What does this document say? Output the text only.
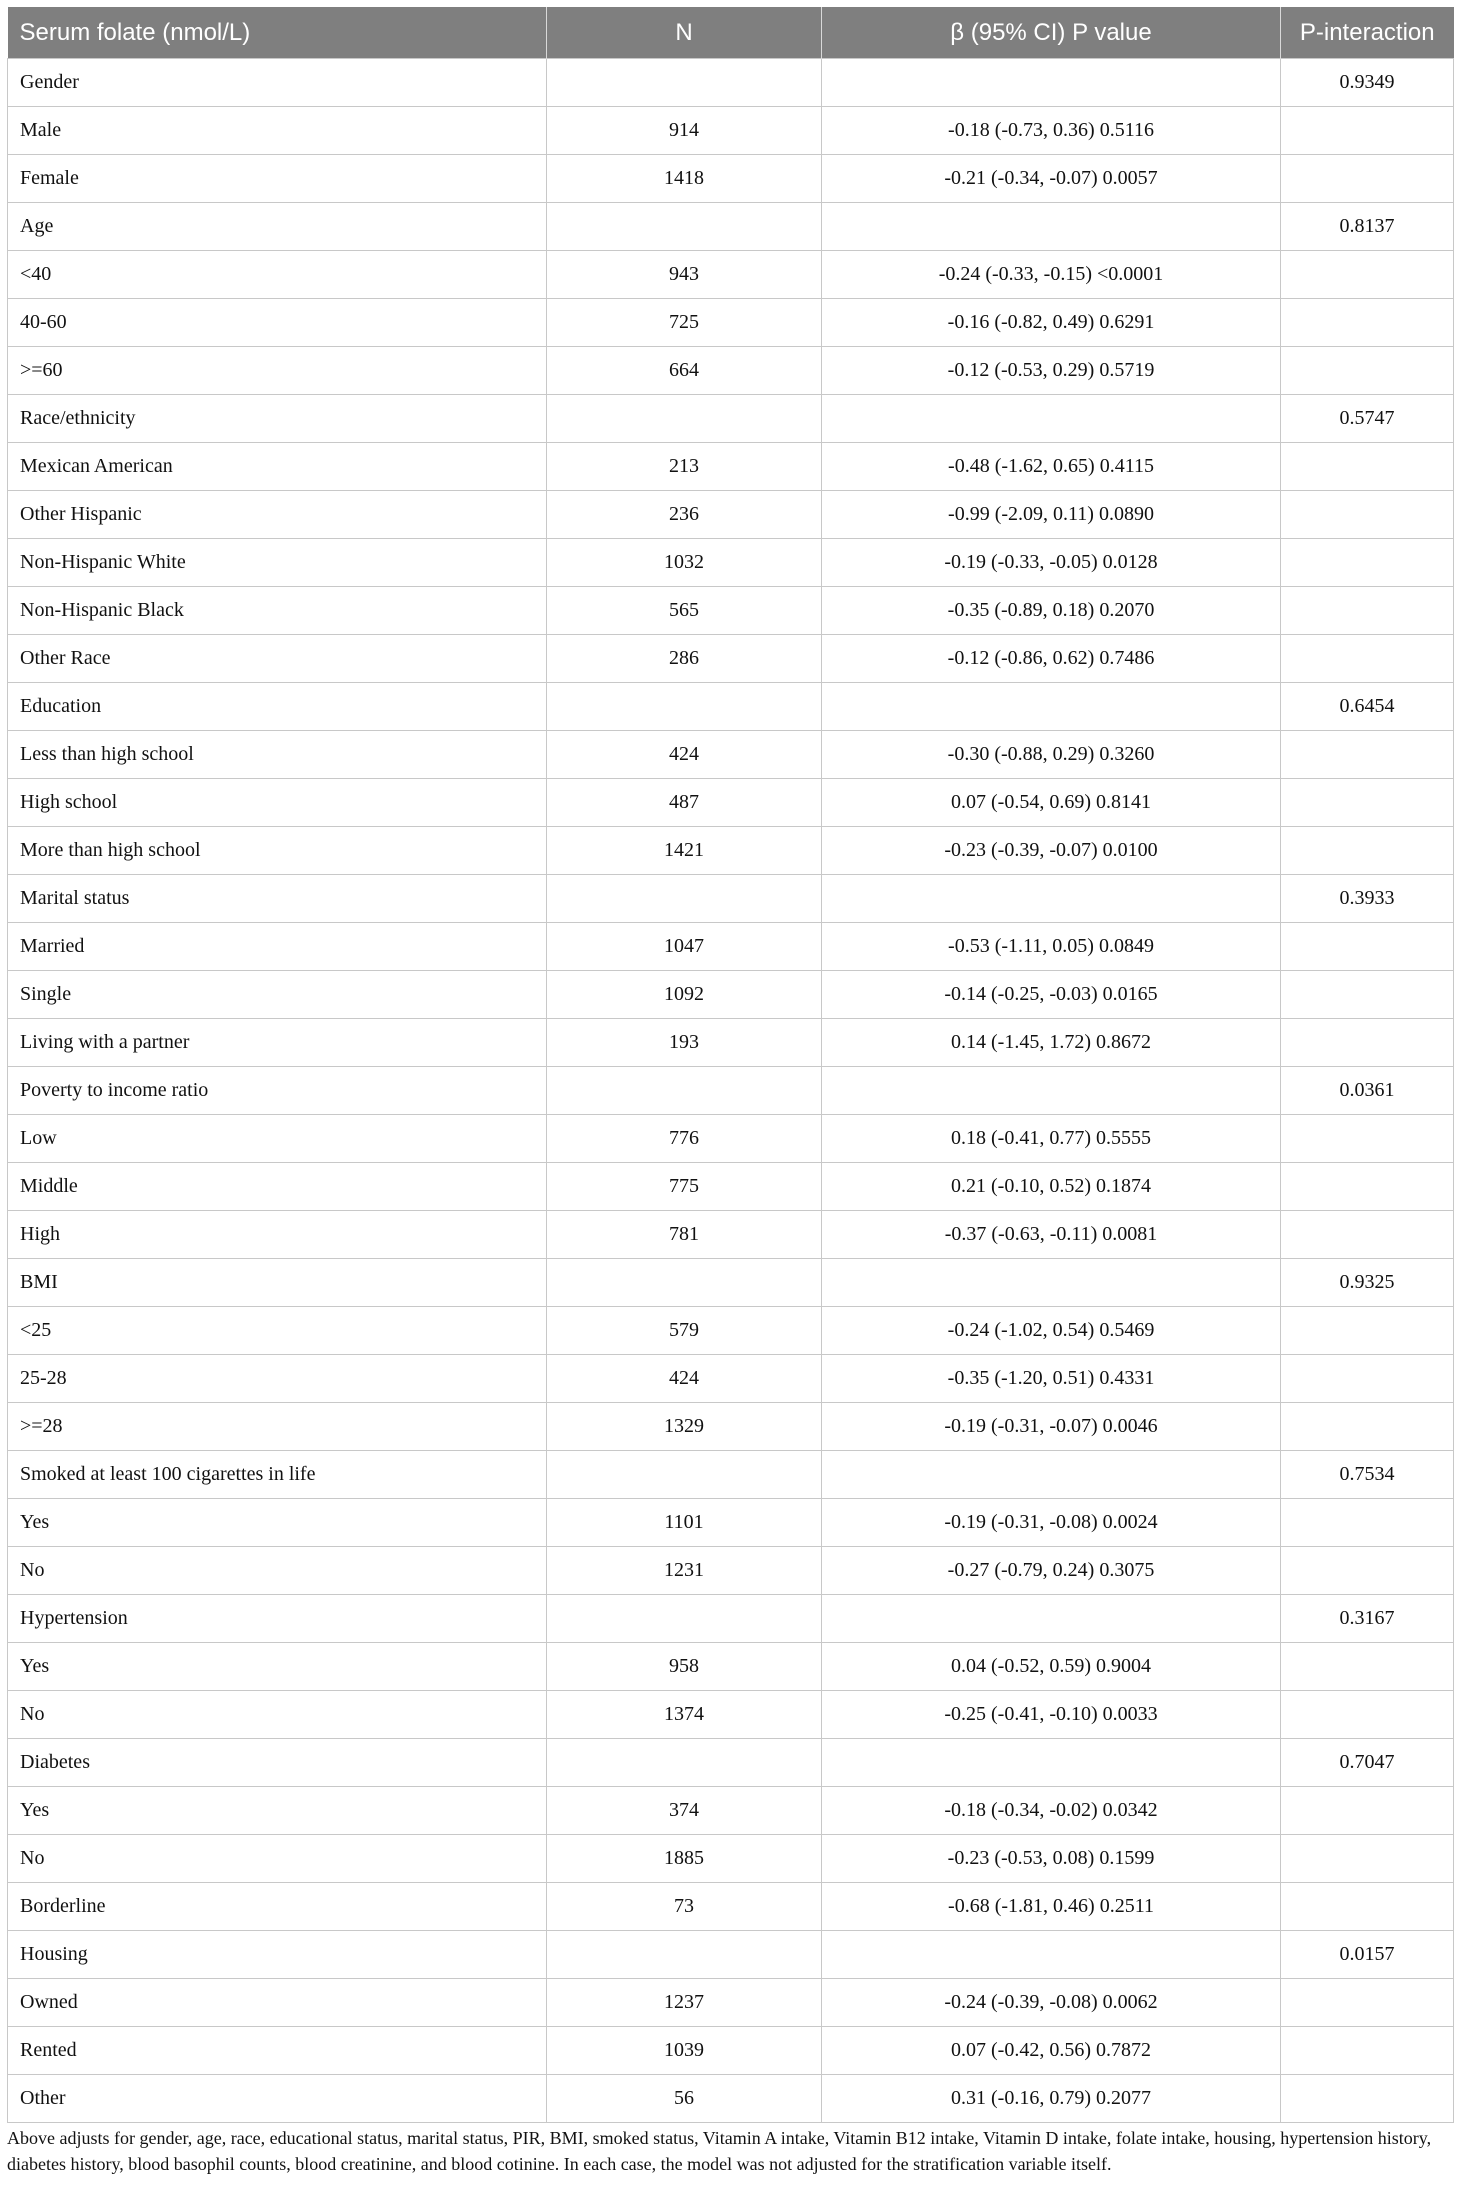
Serum folate (nmol/L)	N	β (95% CI) P value	P-interaction
Gender			0.9349
Male	914	-0.18 (-0.73, 0.36) 0.5116	
Female	1418	-0.21 (-0.34, -0.07) 0.0057	
Age			0.8137
<40	943	-0.24 (-0.33, -0.15) <0.0001	
40-60	725	-0.16 (-0.82, 0.49) 0.6291	
>=60	664	-0.12 (-0.53, 0.29) 0.5719	
Race/ethnicity			0.5747
Mexican American	213	-0.48 (-1.62, 0.65) 0.4115	
Other Hispanic	236	-0.99 (-2.09, 0.11) 0.0890	
Non-Hispanic White	1032	-0.19 (-0.33, -0.05) 0.0128	
Non-Hispanic Black	565	-0.35 (-0.89, 0.18) 0.2070	
Other Race	286	-0.12 (-0.86, 0.62) 0.7486	
Education			0.6454
Less than high school	424	-0.30 (-0.88, 0.29) 0.3260	
High school	487	0.07 (-0.54, 0.69) 0.8141	
More than high school	1421	-0.23 (-0.39, -0.07) 0.0100	
Marital status			0.3933
Married	1047	-0.53 (-1.11, 0.05) 0.0849	
Single	1092	-0.14 (-0.25, -0.03) 0.0165	
Living with a partner	193	0.14 (-1.45, 1.72) 0.8672	
Poverty to income ratio			0.0361
Low	776	0.18 (-0.41, 0.77) 0.5555	
Middle	775	0.21 (-0.10, 0.52) 0.1874	
High	781	-0.37 (-0.63, -0.11) 0.0081	
BMI			0.9325
<25	579	-0.24 (-1.02, 0.54) 0.5469	
25-28	424	-0.35 (-1.20, 0.51) 0.4331	
>=28	1329	-0.19 (-0.31, -0.07) 0.0046	
Smoked at least 100 cigarettes in life			0.7534
Yes	1101	-0.19 (-0.31, -0.08) 0.0024	
No	1231	-0.27 (-0.79, 0.24) 0.3075	
Hypertension			0.3167
Yes	958	0.04 (-0.52, 0.59) 0.9004	
No	1374	-0.25 (-0.41, -0.10) 0.0033	
Diabetes			0.7047
Yes	374	-0.18 (-0.34, -0.02) 0.0342	
No	1885	-0.23 (-0.53, 0.08) 0.1599	
Borderline	73	-0.68 (-1.81, 0.46) 0.2511	
Housing			0.0157
Owned	1237	-0.24 (-0.39, -0.08) 0.0062	
Rented	1039	0.07 (-0.42, 0.56) 0.7872	
Other	56	0.31 (-0.16, 0.79) 0.2077	
Above adjusts for gender, age, race, educational status, marital status, PIR, BMI, smoked status, Vitamin A intake, Vitamin B12 intake, Vitamin D intake, folate intake, housing, hypertension history, diabetes history, blood basophil counts, blood creatinine, and blood cotinine. In each case, the model was not adjusted for the stratification variable itself.
